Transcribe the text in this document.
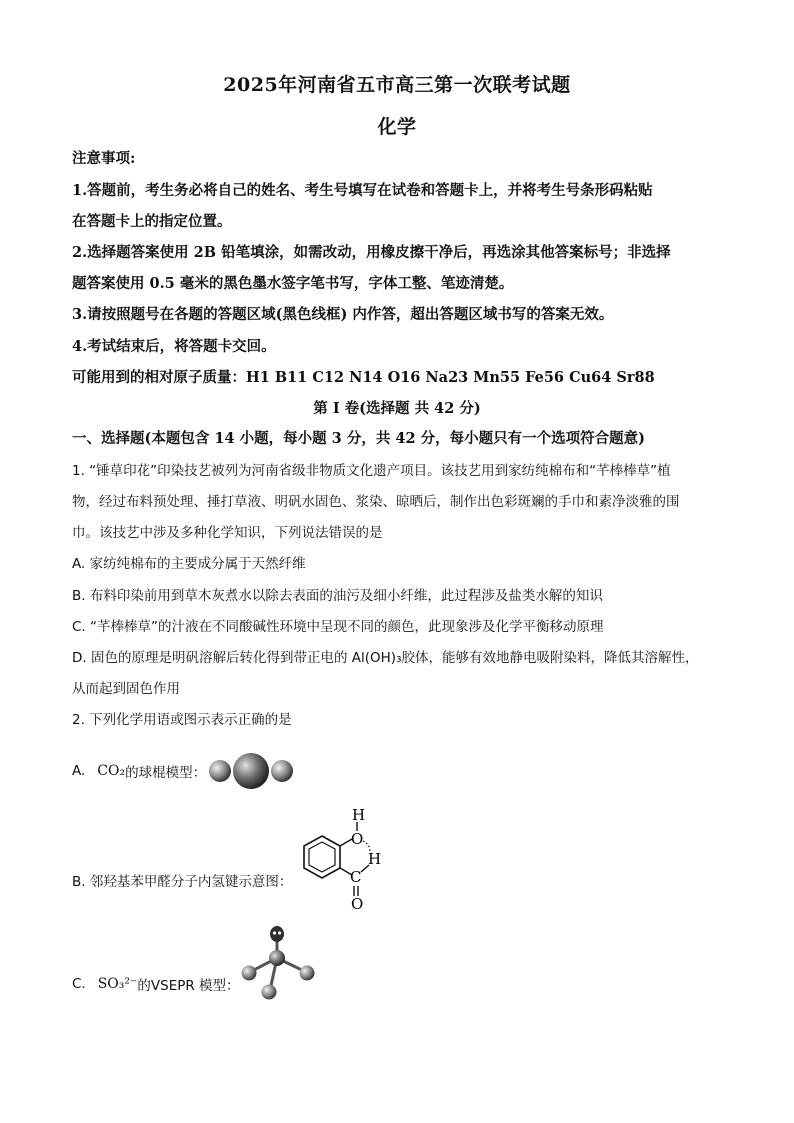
2025年河南省五市高三第一次联考试题
化学
注意事项:
1.答题前，考生务必将自己的姓名、考生号填写在试卷和答题卡上，并将考生号条形码粘贴
在答题卡上的指定位置。
2.选择题答案使用 2B 铅笔填涂，如需改动，用橡皮擦干净后，再选涂其他答案标号；非选择
题答案使用 0.5 毫米的黑色墨水签字笔书写，字体工整、笔迹清楚。
3.请按照题号在各题的答题区域(黑色线框) 内作答，超出答题区域书写的答案无效。
4.考试结束后，将答题卡交回。
可能用到的相对原子质量：H1 B11 C12 N14 O16 Na23 Mn55 Fe56 Cu64 Sr88
第 I 卷(选择题 共 42 分)
一、选择题(本题包含 14 小题，每小题 3 分，共 42 分，每小题只有一个选项符合题意)
1. “锤草印花”印染技艺被列为河南省级非物质文化遗产项目。该技艺用到家纺纯棉布和“芊棒棒草”植
物，经过布料预处理、捶打草液、明矾水固色、浆染、晾晒后，制作出色彩斑斓的手巾和素净淡雅的围
巾。该技艺中涉及多种化学知识，下列说法错误的是
A. 家纺纯棉布的主要成分属于天然纤维
B. 布料印染前用到草木灰煮水以除去表面的油污及细小纤维，此过程涉及盐类水解的知识
C. “芊棒棒草”的汁液在不同酸碱性环境中呈现不同的颜色，此现象涉及化学平衡移动原理
D. 固色的原理是明矾溶解后转化得到带正电的 Al(OH)₃胶体，能够有效地静电吸附染料，降低其溶解性，
从而起到固色作用
2. 下列化学用语或图示表示正确的是
A. CO₂ 的球棍模型：
B. 邻羟基苯甲醛分子内氢键示意图：
O
H
H
C
O
C. SO₃²⁻ 的VSEPR 模型：
